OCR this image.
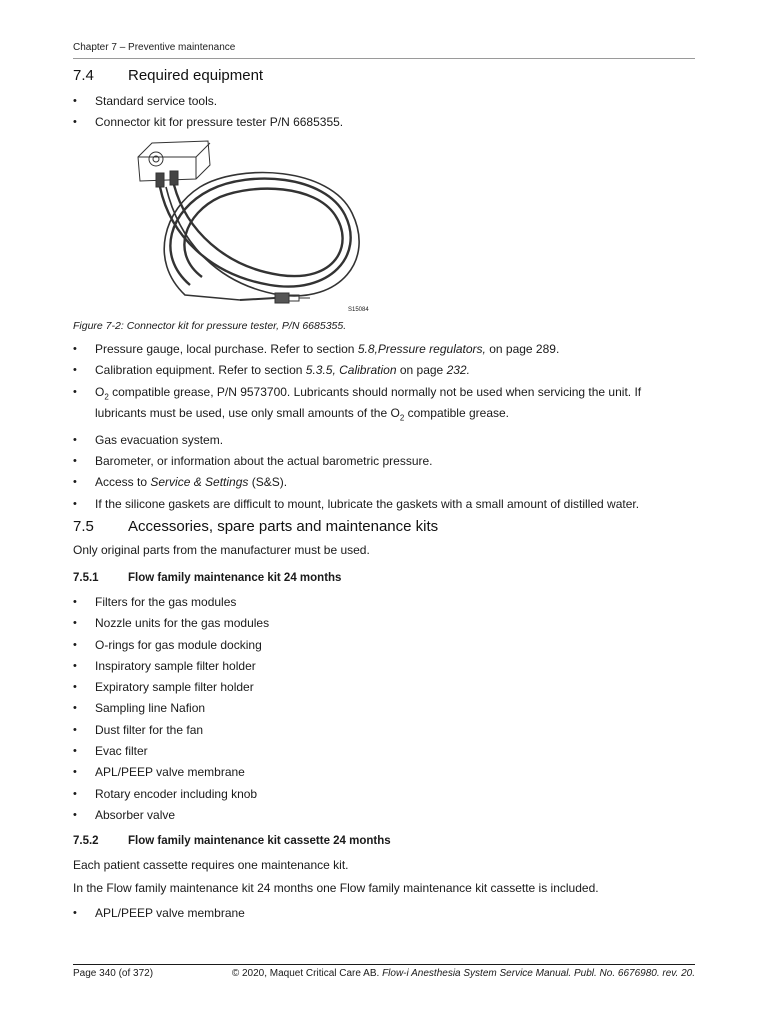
Chapter 7 – Preventive maintenance
7.4 Required equipment
• Standard service tools.
• Connector kit for pressure tester P/N 6685355.
S15084
Figure 7-2: Connector kit for pressure tester, P/N 6685355.
• Pressure gauge, local purchase. Refer to section 5.8,Pressure regulators, on page 289.
• Calibration equipment. Refer to section 5.3.5, Calibration on page 232.
• $O_2$ compatible grease, P/N 9573700. Lubricants should normally not be used when servicing the unit. If
lubricants must be used, use only small amounts of the $O_2$ compatible grease.
• Gas evacuation system.
• Barometer, or information about the actual barometric pressure.
• Access to Service & Settings (S&S).
• If the silicone gaskets are difficult to mount, lubricate the gaskets with a small amount of distilled water.
7.5 Accessories, spare parts and maintenance kits
Only original parts from the manufacturer must be used.
7.5.1	Flow family maintenance kit 24 months
• Filters for the gas modules
• Nozzle units for the gas modules
• O-rings for gas module docking
• Inspiratory sample filter holder
• Expiratory sample filter holder
• Sampling line Nafion
• Dust filter for the fan
• Evac filter
• APL/PEEP valve membrane
• Rotary encoder including knob
• Absorber valve
7.5.2	Flow family maintenance kit cassette 24 months
Each patient cassette requires one maintenance kit.
In the Flow family maintenance kit 24 months one Flow family maintenance kit cassette is included.
• APL/PEEP valve membrane
Page 340 (of 372)	© 2020, Maquet Critical Care AB. Flow-i Anesthesia System Service Manual. Publ. No. 6676980. rev. 20.
